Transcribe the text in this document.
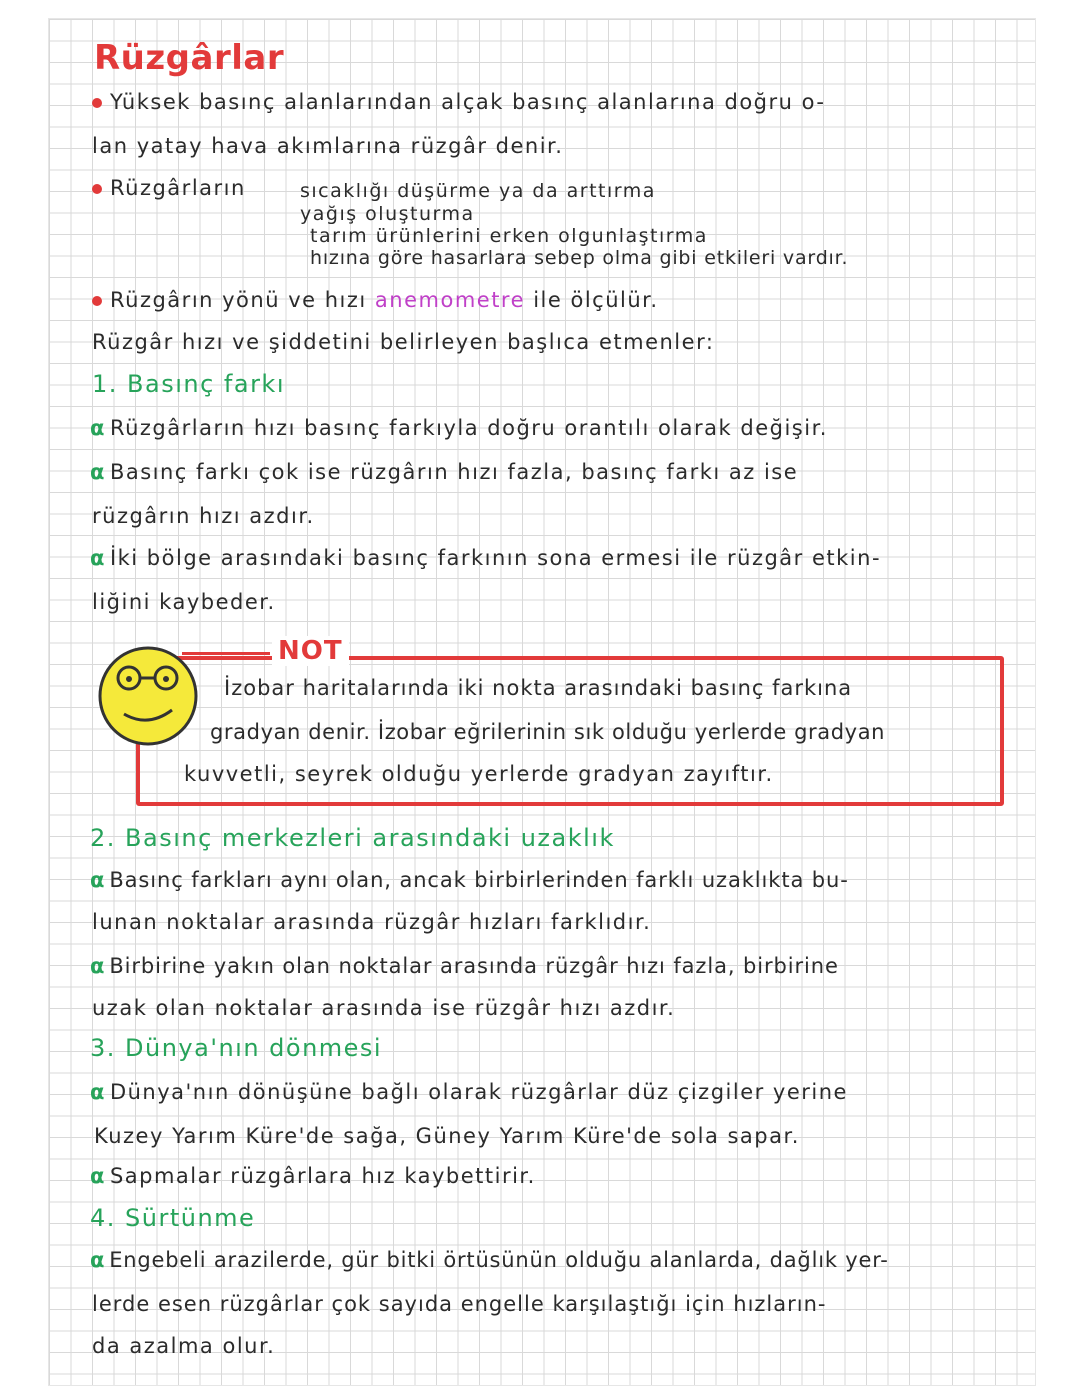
Rüzgârlar
Yüksek basınç alanlarından alçak basınç alanlarına doğru o-
lan yatay hava akımlarına rüzgâr denir.
Rüzgârların	sıcaklığı düşürme ya da arttırma
yağış oluşturma
tarım ürünlerini erken olgunlaştırma
hızına göre hasarlara sebep olma gibi etkileri vardır.
Rüzgârın yönü ve hızı anemometre ile ölçülür.
Rüzgâr hızı ve şiddetini belirleyen başlıca etmenler:
1. Basınç farkı
α Rüzgârların hızı basınç farkıyla doğru orantılı olarak değişir.
α Basınç farkı çok ise rüzgârın hızı fazla, basınç farkı az ise
rüzgârın hızı azdır.
α İki bölge arasındaki basınç farkının sona ermesi ile rüzgâr etkin-
liğini kaybeder.
NOT
İzobar haritalarında iki nokta arasındaki basınç farkına
gradyan denir. İzobar eğrilerinin sık olduğu yerlerde gradyan
kuvvetli, seyrek olduğu yerlerde gradyan zayıftır.
2. Basınç merkezleri arasındaki uzaklık
α Basınç farkları aynı olan, ancak birbirlerinden farklı uzaklıkta bu-
lunan noktalar arasında rüzgâr hızları farklıdır.
α Birbirine yakın olan noktalar arasında rüzgâr hızı fazla, birbirine
uzak olan noktalar arasında ise rüzgâr hızı azdır.
3. Dünya'nın dönmesi
α Dünya'nın dönüşüne bağlı olarak rüzgârlar düz çizgiler yerine
Kuzey Yarım Küre'de sağa, Güney Yarım Küre'de sola sapar.
α Sapmalar rüzgârlara hız kaybettirir.
4. Sürtünme
α Engebeli arazilerde, gür bitki örtüsünün olduğu alanlarda, dağlık yer-
lerde esen rüzgârlar çok sayıda engelle karşılaştığı için hızların-
da azalma olur.
